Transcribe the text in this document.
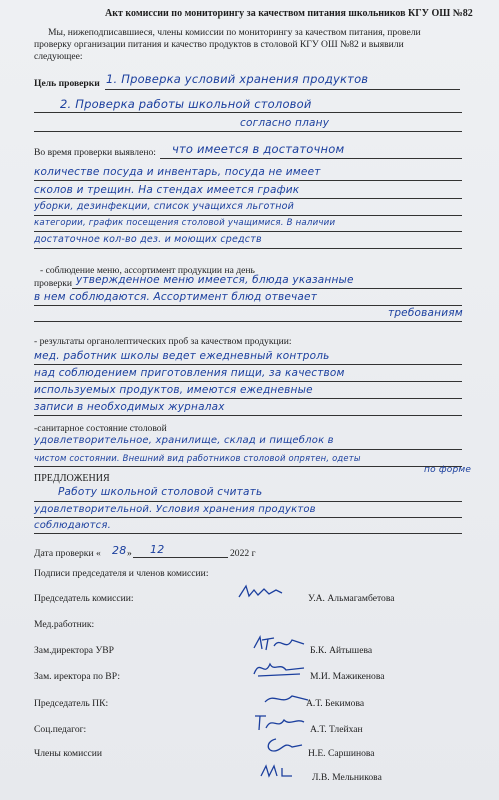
Акт комиссии по мониторингу за качеством питания школьников КГУ ОШ №82
Мы, нижеподписавшиеся, члены комиссии по мониторингу за качеством питания, провели
проверку организации питания и качество продуктов в столовой КГУ ОШ №82 и выявили
следующее:
Цель проверки 1. Проверка условий хранения продуктов
2. Проверка работы школьной столовой
согласно плану
Во время проверки выявлено: что имеется в достаточном
количестве посуда и инвентарь, посуда не имеет
сколов и трещин. На стендах имеется график
уборки, дезинфекции, список учащихся льготной
категории, график посещения столовой учащимися. В наличии
достаточное кол-во дез. и моющих средств
- соблюдение меню, ассортимент продукции на день
проверки утвержденное меню имеется, блюда указанные
в нем соблюдаются. Ассортимент блюд отвечает
требованиям
- результаты органолептических проб за качеством продукции:
мед. работник школы ведет ежедневный контроль
над соблюдением приготовления пищи, за качеством
используемых продуктов, имеются ежедневные
записи в необходимых журналах
-санитарное состояние столовой
удовлетворительное, хранилище, склад и пищеблок в
чистом состоянии. Внешний вид работников столовой опрятен, одеты
по форме
ПРЕДЛОЖЕНИЯ
Работу школьной столовой считать
удовлетворительной. Условия хранения продуктов
соблюдаются.
Дата проверки « 28 » 12	2022 г
Подписи председателя и членов комиссии:
Председатель комиссии:	У.А. Альмагамбетова
Мед.работник:
Зам.директора УВР	Б.К. Айтышева
Зам. иректора по ВР:	М.И. Мажикенова
Председатель ПК:	А.Т. Бекимова
Соц.педагог:	А.Т. Тлейхан
Члены комиссии	Н.Е. Саршинова
Л.В. Мельникова
